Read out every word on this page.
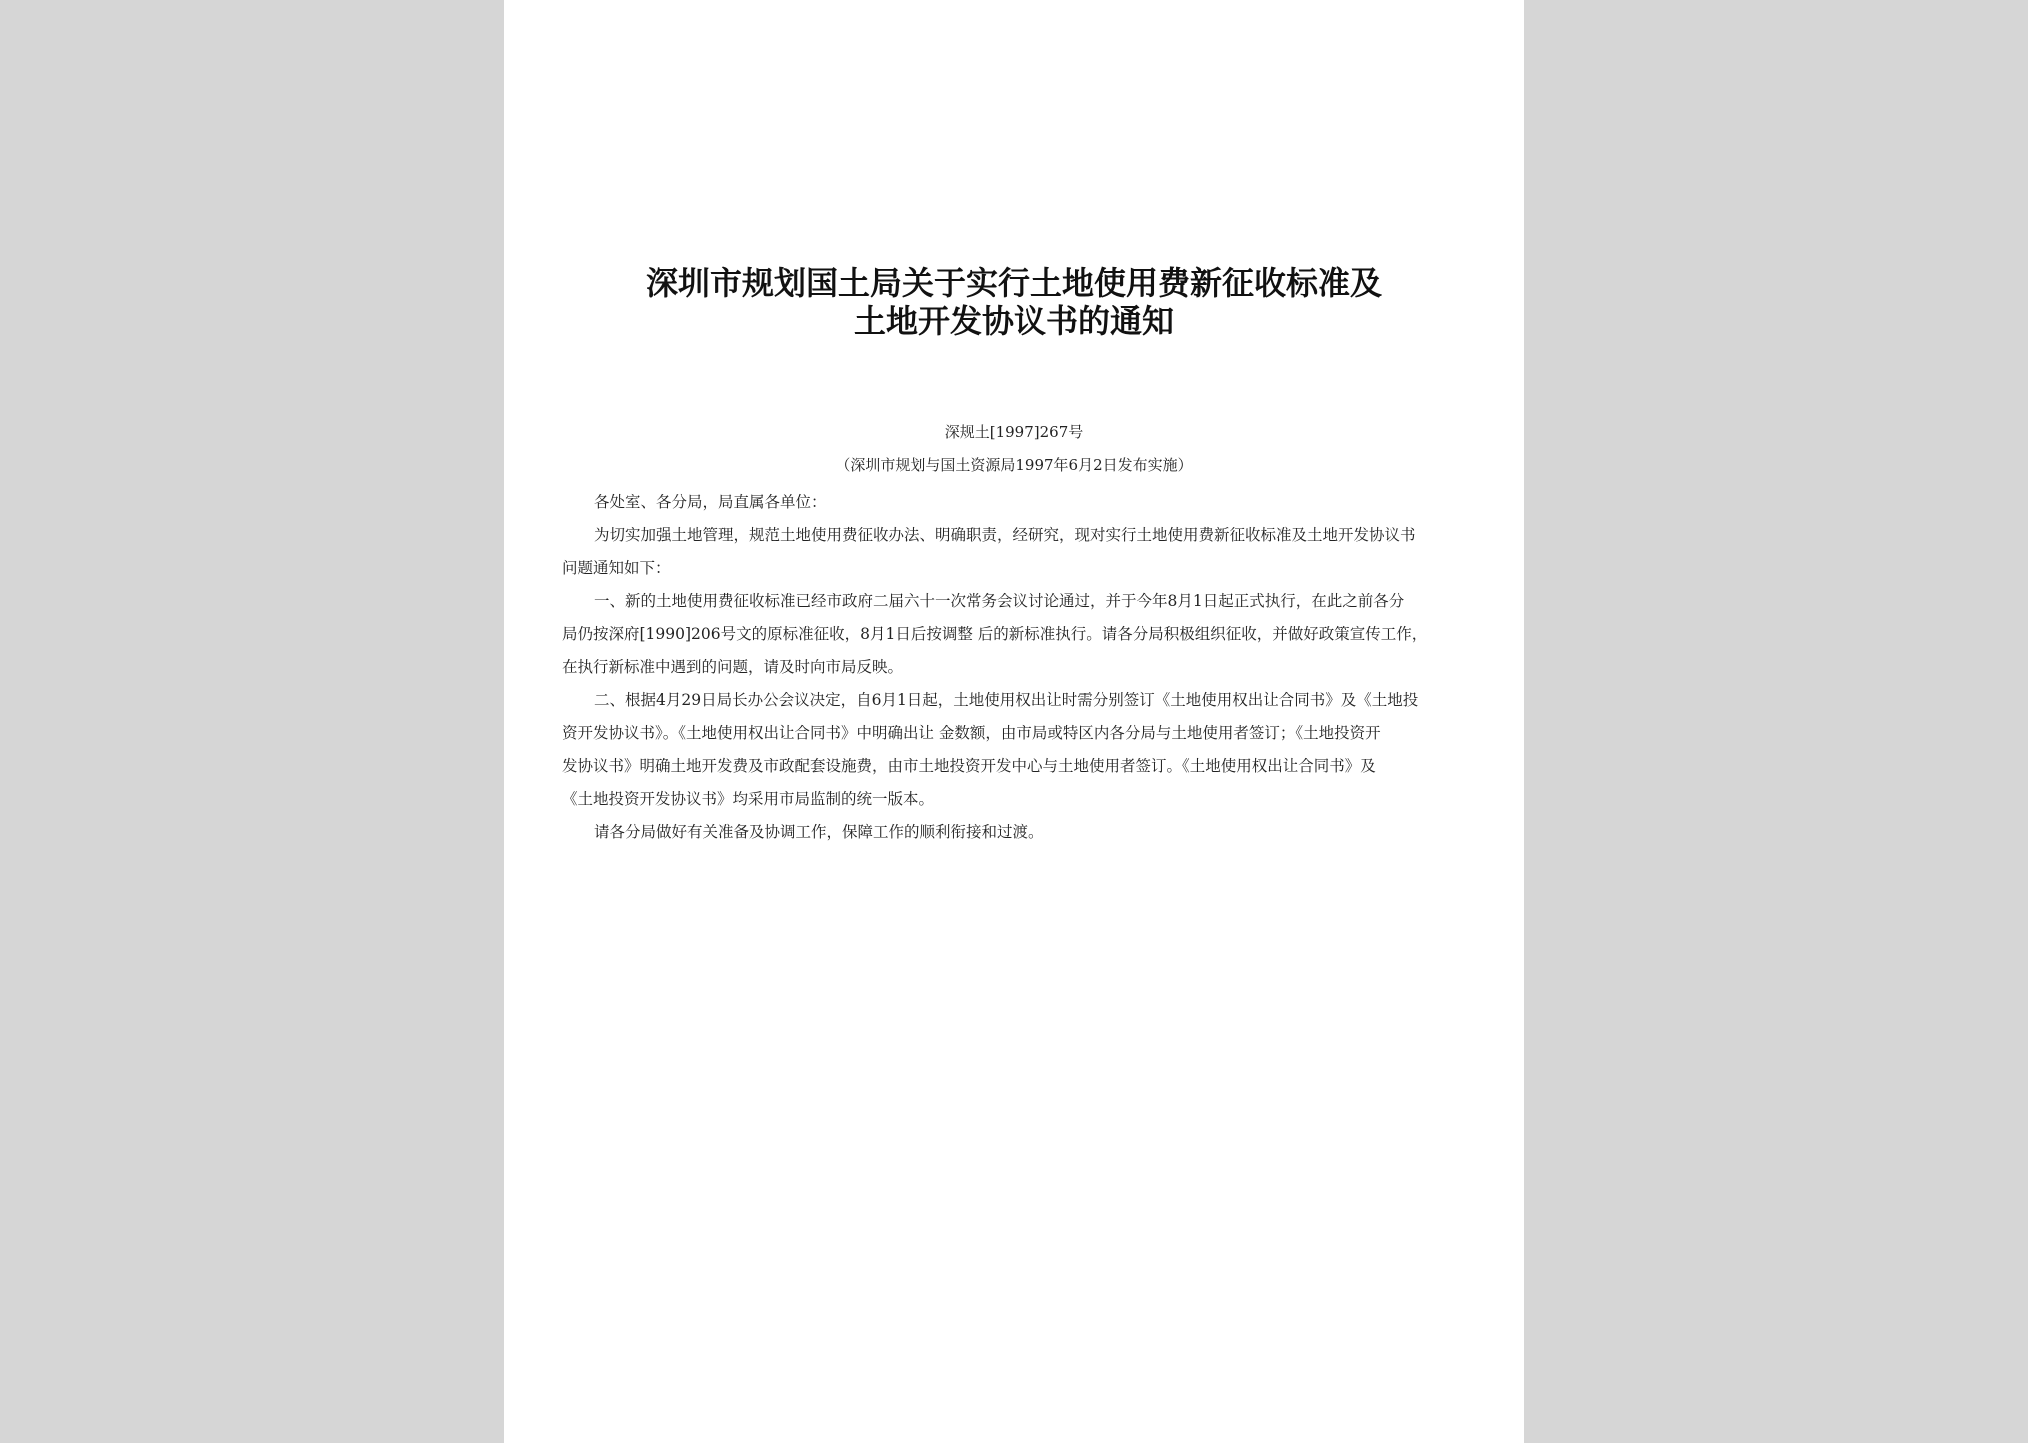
深圳市规划国土局关于实行土地使用费新征收标准及
土地开发协议书的通知
深规土[1997]267号
（深圳市规划与国土资源局1997年6月2日发布实施）

各处室、各分局，局直属各单位：

为切实加强土地管理，规范土地使用费征收办法、明确职责，经研究，现对实行土地使用费新征收标准及土地开发协议书

问题通知如下：

一、新的土地使用费征收标准已经市政府二届六十一次常务会议讨论通过，并于今年8月1日起正式执行，在此之前各分

局仍按深府[1990]206号文的原标准征收，8月1日后按调整 后的新标准执行。请各分局积极组织征收，并做好政策宣传工作，

在执行新标准中遇到的问题，请及时向市局反映。

二、根据4月29日局长办公会议决定，自6月1日起，土地使用权出让时需分别签订《土地使用权出让合同书》及《土地投

资开发协议书》。《土地使用权出让合同书》中明确出让 金数额，由市局或特区内各分局与土地使用者签订；《土地投资开

发协议书》明确土地开发费及市政配套设施费，由市土地投资开发中心与土地使用者签订。《土地使用权出让合同书》及

《土地投资开发协议书》均采用市局监制的统一版本。

请各分局做好有关准备及协调工作，保障工作的顺利衔接和过渡。
